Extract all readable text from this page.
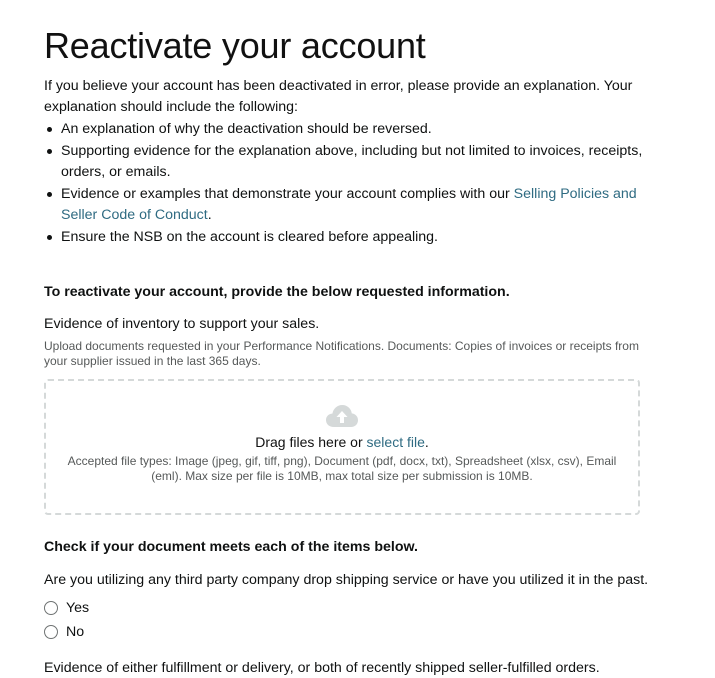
Reactivate your account
If you believe your account has been deactivated in error, please provide an explanation. Your explanation should include the following:
An explanation of why the deactivation should be reversed.
Supporting evidence for the explanation above, including but not limited to invoices, receipts, orders, or emails.
Evidence or examples that demonstrate your account complies with our Selling Policies and Seller Code of Conduct.
Ensure the NSB on the account is cleared before appealing.
To reactivate your account, provide the below requested information.
Evidence of inventory to support your sales.
Upload documents requested in your Performance Notifications. Documents: Copies of invoices or receipts from your supplier issued in the last 365 days.
Drag files here or select file.
Accepted file types: Image (jpeg, gif, tiff, png), Document (pdf, docx, txt), Spreadsheet (xlsx, csv), Email (eml). Max size per file is 10MB, max total size per submission is 10MB.
Check if your document meets each of the items below.
Are you utilizing any third party company drop shipping service or have you utilized it in the past.
Yes
No
Evidence of either fulfillment or delivery, or both of recently shipped seller-fulfilled orders.
